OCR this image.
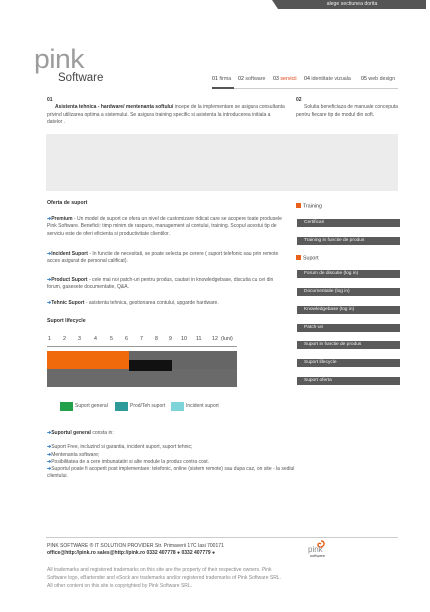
alege sectiunea dorita
pink
Software	01 firma 02 software 03 servicii 04 identitate vizuala 05 web design
01
Asistenta tehnica - hardware/ mentenanta softului incepe de la implementare se asigura consultanta privind utilizarea optima a sistemului. Se asigura training specific si asistenta la introducerea initiala a datelor .
02
Solutia beneficiaza de manuale conceputa pentru fiecare tip de modul din soft.
Oferta de suport
➔Premium - Un model de suport ce ofera un nivel de customizare ridicat care se acopere toate produsele Pink Software. Beneficii: timp minim de raspuns, management al contului, training. Scopul acestui tip de serviciu este de oferi eficienta si productivitate clientilor.
➔Incident Suport - In functie de necesitati, se poate selecta pe cerere ( suport telefonic sau prin remote acces asigurat de personal calificat).
➔Product Suport - cele mai noi patch-uri pentru produs, cautari in knowledgebase, discutia cu cei din forum, gasesete documentatie, Q&A.
➔Tehnic Suport - asistenta tehnica, gestionarea contului, upgarde hardware.
Suport lifecycle
1 2 3 4 5 6 7 8 9 10 11 12 (luni)
Suport general	Prod/Teh suport	Incident suport
➔Suportul general consta in:
➔Suport Free, incluzind si garantia, incident suport, suport tehnic;
➔Mentenanta software;
➔Posibilitatea de a cere imbunatatiri si alte module la produs contra cost.
➔Suportul poate fi acoperit post implementare: telefonic, online (sistem remote) sau dupa caz, on site - la sediul clientului.
Training
Certificari
Training in functie de produs
Suport
Forum de discutie (log in)
Documentatie (log in)
Knowledgebase (log in)
Patch-uri
Suport in functie de produs
Suport lifecycle
Suport oferta
PINK SOFTWARE ® IT SOLUTION PROVIDER Str. Primaverii 17C Iasi 700171
office@http://pink.ro sales@http://pink.ro 0332 407778 ● 0332 407779 ●	pink
software
All trademarks and registered trademarks on this site are the property of their respective owners. Pink
Software logo, eBartender and eSock are trademarks and/or registered trademarks of Pink Software SRL.
All other content on this site is copyrighted by Pink Software SRL.
